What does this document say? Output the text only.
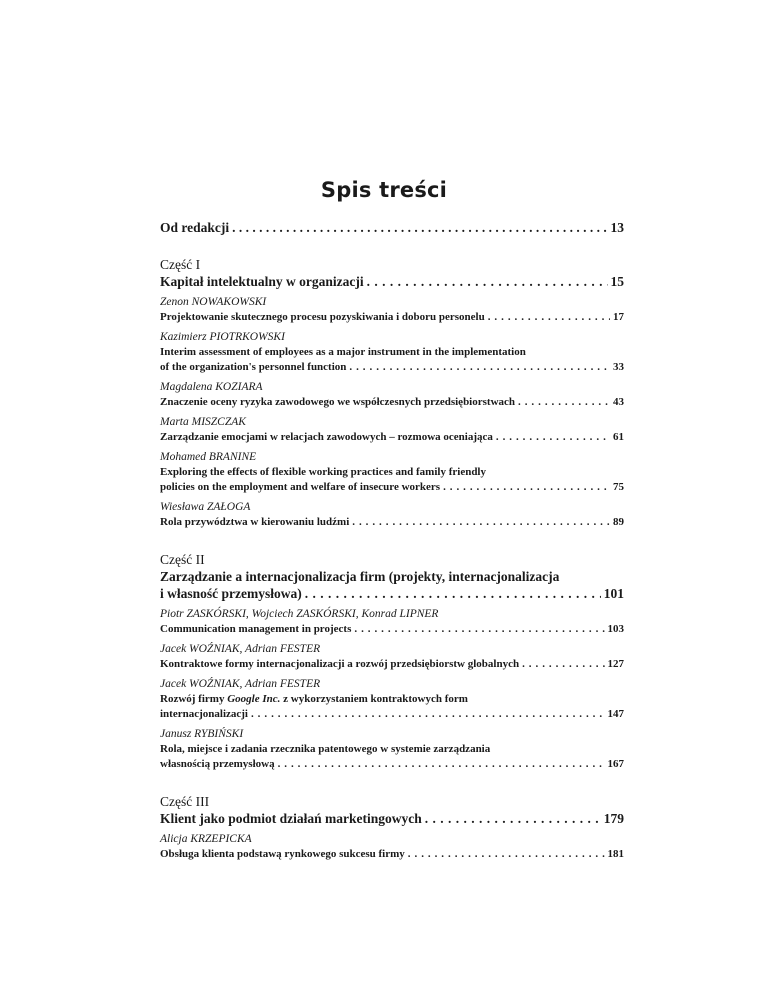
Spis treści
Od redakcji . . .	13
Część I
Kapitał intelektualny w organizacji . . .	15
Zenon NOWAKOWSKI
Projektowanie skutecznego procesu pozyskiwania i doboru personelu . . .	17
Kazimierz PIOTRKOWSKI
Interim assessment of employees as a major instrument in the implementation
of the organization's personnel function . . .	33
Magdalena KOZIARA
Znaczenie oceny ryzyka zawodowego we współczesnych przedsiębiorstwach . . .	43
Marta MISZCZAK
Zarządzanie emocjami w relacjach zawodowych – rozmowa oceniająca . . .	61
Mohamed BRANINE
Exploring the effects of flexible working practices and family friendly
policies on the employment and welfare of insecure workers . . .	75
Wiesława ZAŁOGA
Rola przywództwa w kierowaniu ludźmi . . .	89
Część II
Zarządzanie a internacjonalizacja firm (projekty, internacjonalizacja
i własność przemysłowa) . . .	101
Piotr ZASKÓRSKI, Wojciech ZASKÓRSKI, Konrad LIPNER
Communication management in projects . . .	103
Jacek WOŹNIAK, Adrian FESTER
Kontraktowe formy internacjonalizacji a rozwój przedsiębiorstw globalnych . . .	127
Jacek WOŹNIAK, Adrian FESTER
Rozwój firmy Google Inc. z wykorzystaniem kontraktowych form
internacjonalizacji . . .	147
Janusz RYBIŃSKI
Rola, miejsce i zadania rzecznika patentowego w systemie zarządzania
własnością przemysłową . . .	167
Część III
Klient jako podmiot działań marketingowych . . .	179
Alicja KRZEPICKA
Obsługa klienta podstawą rynkowego sukcesu firmy . . .	181
